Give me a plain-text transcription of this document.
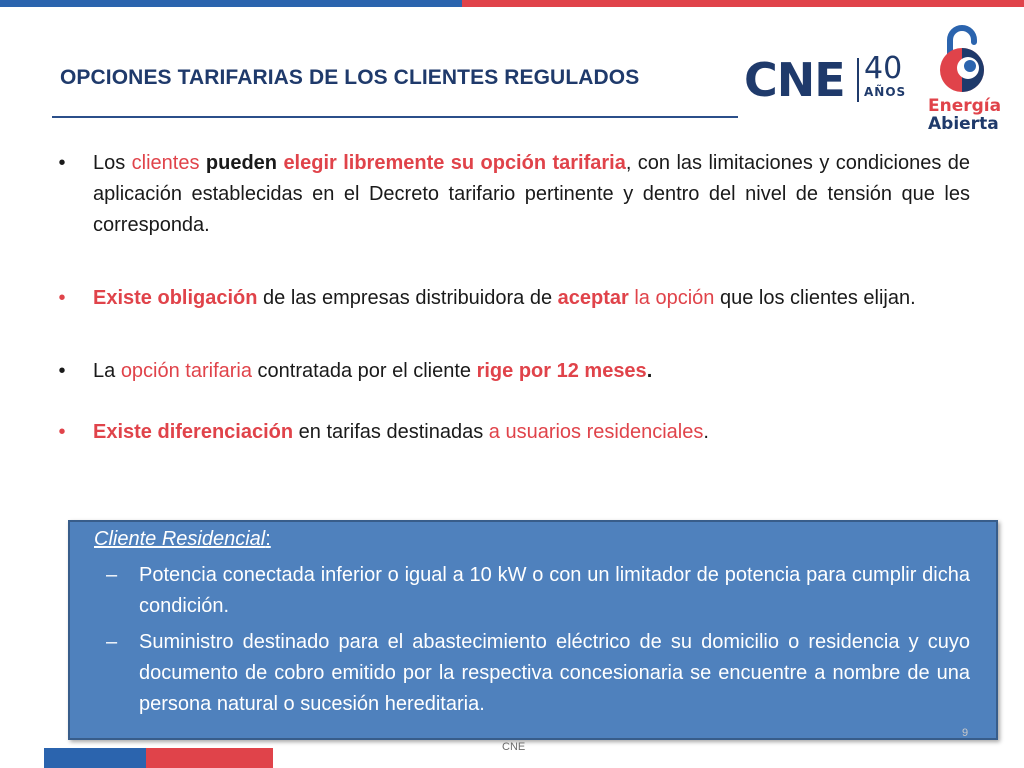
OPCIONES TARIFARIAS DE LOS CLIENTES REGULADOS CNE 40
AÑOS
Energía
Abierta
•	Los clientes pueden elegir libremente su opción tarifaria, con las limitaciones y condiciones de aplicación establecidas en el Decreto tarifario pertinente y dentro del nivel de tensión que les corresponda.
•	Existe obligación de las empresas distribuidora de aceptar la opción que los clientes elijan.
•	La opción tarifaria contratada por el cliente rige por 12 meses.
•	Existe diferenciación en tarifas destinadas a usuarios residenciales.
Cliente Residencial:
– Potencia conectada inferior o igual a 10 kW o con un limitador de potencia para cumplir dicha condición.
– Suministro destinado para el abastecimiento eléctrico de su domicilio o residencia y cuyo documento de cobro emitido por la respectiva concesionaria se encuentre a nombre de una persona natural o sucesión hereditaria.
9
CNE
